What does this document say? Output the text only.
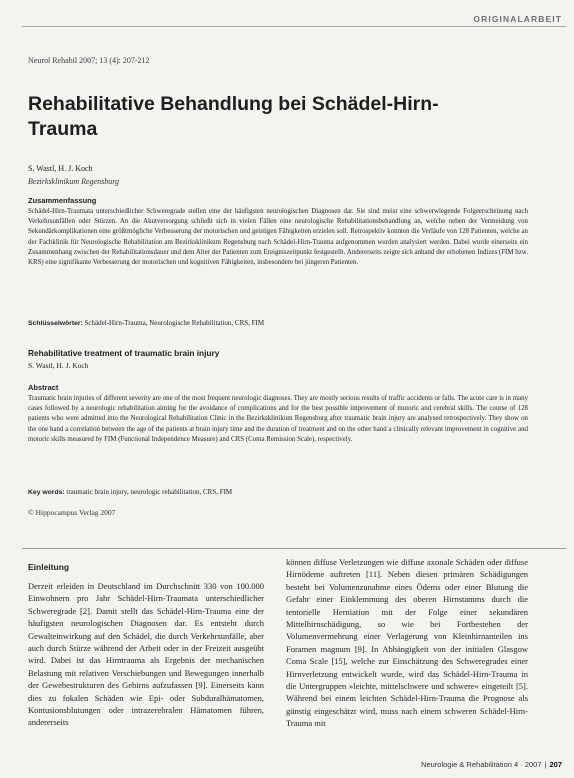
ORIGINALARBEIT
Neurol Rehabil 2007; 13 (4): 207-212
Rehabilitative Behandlung bei Schädel-Hirn-Trauma
S. Wastl, H. J. Koch
Bezirksklinikum Regensburg
Zusammenfassung
Schädel-Hirn-Traumata unterschiedlicher Schweregrade stellen eine der häufigsten neurologischen Diagnosen dar. Sie sind meist eine schwerwiegende Folgeerscheinung nach Verkehrsunfällen oder Stürzen. An die Akutversorgung schließt sich in vielen Fällen eine neurologische Rehabilitationsbehandlung an, welche neben der Vermeidung von Sekundärkomplikationen eine größtmögliche Verbesserung der motorischen und geistigen Fähigkeiten erzielen soll. Retrospektiv konnten die Verläufe von 128 Patienten, welche an der Fachklinik für Neurologische Rehabilitation am Bezirksklinikum Regensburg nach Schädel-Hirn-Trauma aufgenommen wurden analysiert werden. Dabei wurde einerseits ein Zusammenhang zwischen der Rehabilitationsdauer und dem Alter der Patienten zum Ereigniszeitpunkt festgestellt. Andererseits zeigte sich anhand der erhobenen Indizes (FIM bzw. KRS) eine signifikante Verbesserung der motorischen und kognitiven Fähigkeiten, insbesondere bei jüngeren Patienten.
Schlüsselwörter: Schädel-Hirn-Trauma, Neurologische Rehabilitation, CRS, FIM
Rehabilitative treatment of traumatic brain injury
S. Wastl, H. J. Koch
Abstract
Traumatic brain injuries of different severity are one of the most frequent neurologic diagnoses. They are mostly serious results of traffic accidents or falls. The acute care is in many cases followed by a neurologic rehabilitation aiming for the avoidance of complications and for the best possible improvement of motoric and cerebral skills. The course of 128 patients who were admitted into the Neurological Rehabilitation Clinic in the Bezirksklinikum Regensburg after traumatic brain injury are analysed retrospectively. They show on the one hand a correlation between the age of the patients at brain injury time and the duration of treatment and on the other hand a clinically relevant improvement in cognitive and motoric skills measured by FIM (Functional Independence Measure) and CRS (Coma Remission Scale), respectively.
Key words: traumatic brain injury, neurologic rehabilitation, CRS, FIM
© Hippocampus Verlag 2007
Einleitung
Derzeit erleiden in Deutschland im Durchschnitt 330 von 100.000 Einwohnern pro Jahr Schädel-Hirn-Traumata unterschiedlicher Schweregrade [2]. Damit stellt das Schädel-Hirn-Trauma eine der häufigsten neurologischen Diagnosen dar. Es entsteht durch Gewalteinwirkung auf den Schädel, die durch Verkehrsunfälle, aber auch durch Stürze während der Arbeit oder in der Freizeit ausgeübt wird. Dabei ist das Hirntrauma als Ergebnis der mechanischen Belastung mit relativen Verschiebungen und Bewegungen innerhalb der Gewebestrukturen des Gehirns aufzufassen [9]. Einerseits kann dies zu fokalen Schäden wie Epi- oder Subduralhämatomen, Kontusionsblutungen oder intrazerebralen Hämatomen führen, andererseits
können diffuse Verletzungen wie diffuse axonale Schäden oder diffuse Hirnödeme auftreten [11]. Neben diesen primären Schädigungen besteht bei Volumenzunahme eines Ödems oder einer Blutung die Gefahr einer Einklemmung des oberen Hirnstamms durch die tentorielle Herniation mit der Folge einer sekundären Mittelhirnschädigung, so wie bei Fortbestehen der Volumenvermehrung einer Verlagerung von Kleinhirnanteilen ins Foramen magnum [9]. In Abhängigkeit von der initialen Glasgow Coma Scale [15], welche zur Einschätzung des Schweregrades einer Hirnverletzung entwickelt wurde, wird das Schädel-Hirn-Trauma in die Untergruppen »leichte, mittelschwere und schwere« eingeteilt [5]. Während bei einem leichten Schädel-Hirn-Trauma die Prognose als günstig eingeschätzt wird, muss nach einem schweren Schädel-Hirn-Trauma mit
Neurologie & Rehabilitation 4 · 2007 | 207
